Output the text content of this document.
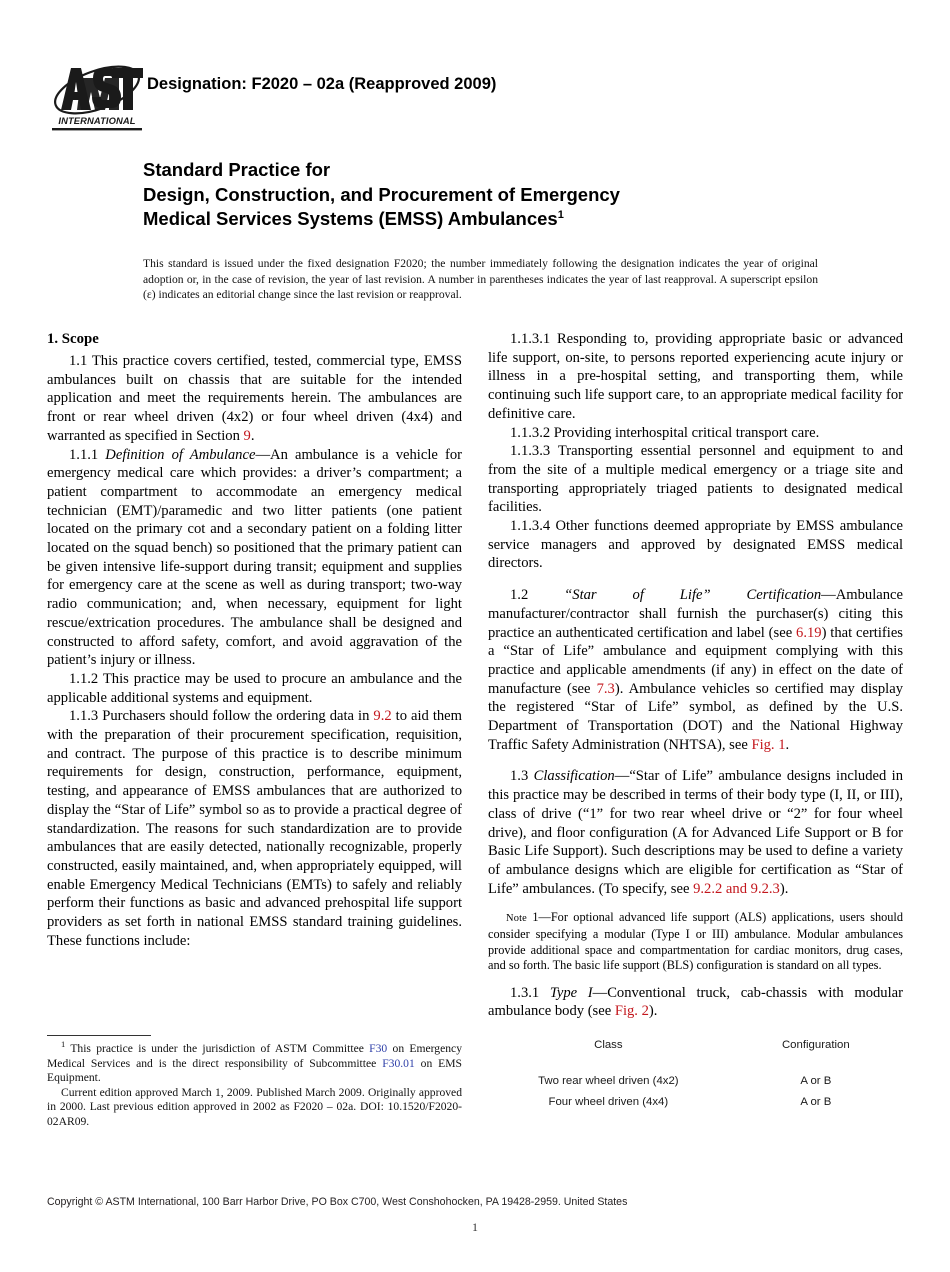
INTERNATIONAL
Designation: F2020 – 02a (Reapproved 2009)
Standard Practice for
Design, Construction, and Procurement of Emergency
Medical Services Systems (EMSS) Ambulances$^1$
This standard is issued under the fixed designation F2020; the number immediately following the designation indicates the year of original adoption or, in the case of revision, the year of last revision. A number in parentheses indicates the year of last reapproval. A superscript epsilon (ε) indicates an editorial change since the last revision or reapproval.
1. Scope

1.1 This practice covers certified, tested, commercial type, EMSS ambulances built on chassis that are suitable for the intended application and meet the requirements herein. The ambulances are front or rear wheel driven (4x2) or four wheel driven (4x4) and warranted as specified in Section 9.

1.1.1 Definition of Ambulance—An ambulance is a vehicle for emergency medical care which provides: a driver’s compartment; a patient compartment to accommodate an emergency medical technician (EMT)/paramedic and two litter patients (one patient located on the primary cot and a secondary patient on a folding litter located on the squad bench) so positioned that the primary patient can be given intensive life-support during transit; equipment and supplies for emergency care at the scene as well as during transport; two-way radio communication; and, when necessary, equipment for light rescue/extrication procedures. The ambulance shall be designed and constructed to afford safety, comfort, and avoid aggravation of the patient’s injury or illness.

1.1.2 This practice may be used to procure an ambulance and the applicable additional systems and equipment.

1.1.3 Purchasers should follow the ordering data in 9.2 to aid them with the preparation of their procurement specification, requisition, and contract. The purpose of this practice is to describe minimum requirements for design, construction, performance, equipment, testing, and appearance of EMSS ambulances that are authorized to display the “Star of Life” symbol so as to provide a practical degree of standardization. The reasons for such standardization are to provide ambulances that are easily detected, nationally recognizable, properly constructed, easily maintained, and, when appropriately equipped, will enable Emergency Medical Technicians (EMTs) to safely and reliably perform their functions as basic and advanced prehospital life support providers as set forth in national EMSS standard training guidelines. These functions include:

1.1.3.1 Responding to, providing appropriate basic or advanced life support, on-site, to persons reported experiencing acute injury or illness in a pre-hospital setting, and transporting them, while continuing such life support care, to an appropriate medical facility for definitive care.

1.1.3.2 Providing interhospital critical transport care.

1.1.3.3 Transporting essential personnel and equipment to and from the site of a multiple medical emergency or a triage site and transporting appropriately triaged patients to designated medical facilities.

1.1.3.4 Other functions deemed appropriate by EMSS ambulance service managers and approved by designated EMSS medical directors.

1.2 “Star of Life” Certification—Ambulance manufacturer/contractor shall furnish the purchaser(s) citing this practice an authenticated certification and label (see 6.19) that certifies a “Star of Life” ambulance and equipment complying with this practice and applicable amendments (if any) in effect on the date of manufacture (see 7.3). Ambulance vehicles so certified may display the registered “Star of Life” symbol, as defined by the U.S. Department of Transportation (DOT) and the National Highway Traffic Safety Administration (NHTSA), see Fig. 1.

1.3 Classification—“Star of Life” ambulance designs included in this practice may be described in terms of their body type (I, II, or III), class of drive (“1” for two rear wheel drive or “2” for four wheel drive), and floor configuration (A for Advanced Life Support or B for Basic Life Support). Such descriptions may be used to define a variety of ambulance designs which are eligible for certification as “Star of Life” ambulances. (To specify, see 9.2.2 and 9.2.3).

Note 1—For optional advanced life support (ALS) applications, users should consider specifying a modular (Type I or III) ambulance. Modular ambulances provide additional space and compartmentation for cardiac monitors, drug cases, and so forth. The basic life support (BLS) configuration is standard on all types.

1.3.1 Type I—Conventional truck, cab-chassis with modular ambulance body (see Fig. 2).

Class	Configuration
Two rear wheel driven (4x2)	A or B
Four wheel driven (4x4)	A or B

$^1$ This practice is under the jurisdiction of ASTM Committee F30 on Emergency Medical Services and is the direct responsibility of Subcommittee F30.01 on EMS Equipment.

Current edition approved March 1, 2009. Published March 2009. Originally approved in 2000. Last previous edition approved in 2002 as F2020 – 02a. DOI: 10.1520/F2020-02AR09.

Copyright © ASTM International, 100 Barr Harbor Drive, PO Box C700, West Conshohocken, PA 19428-2959. United States
1
